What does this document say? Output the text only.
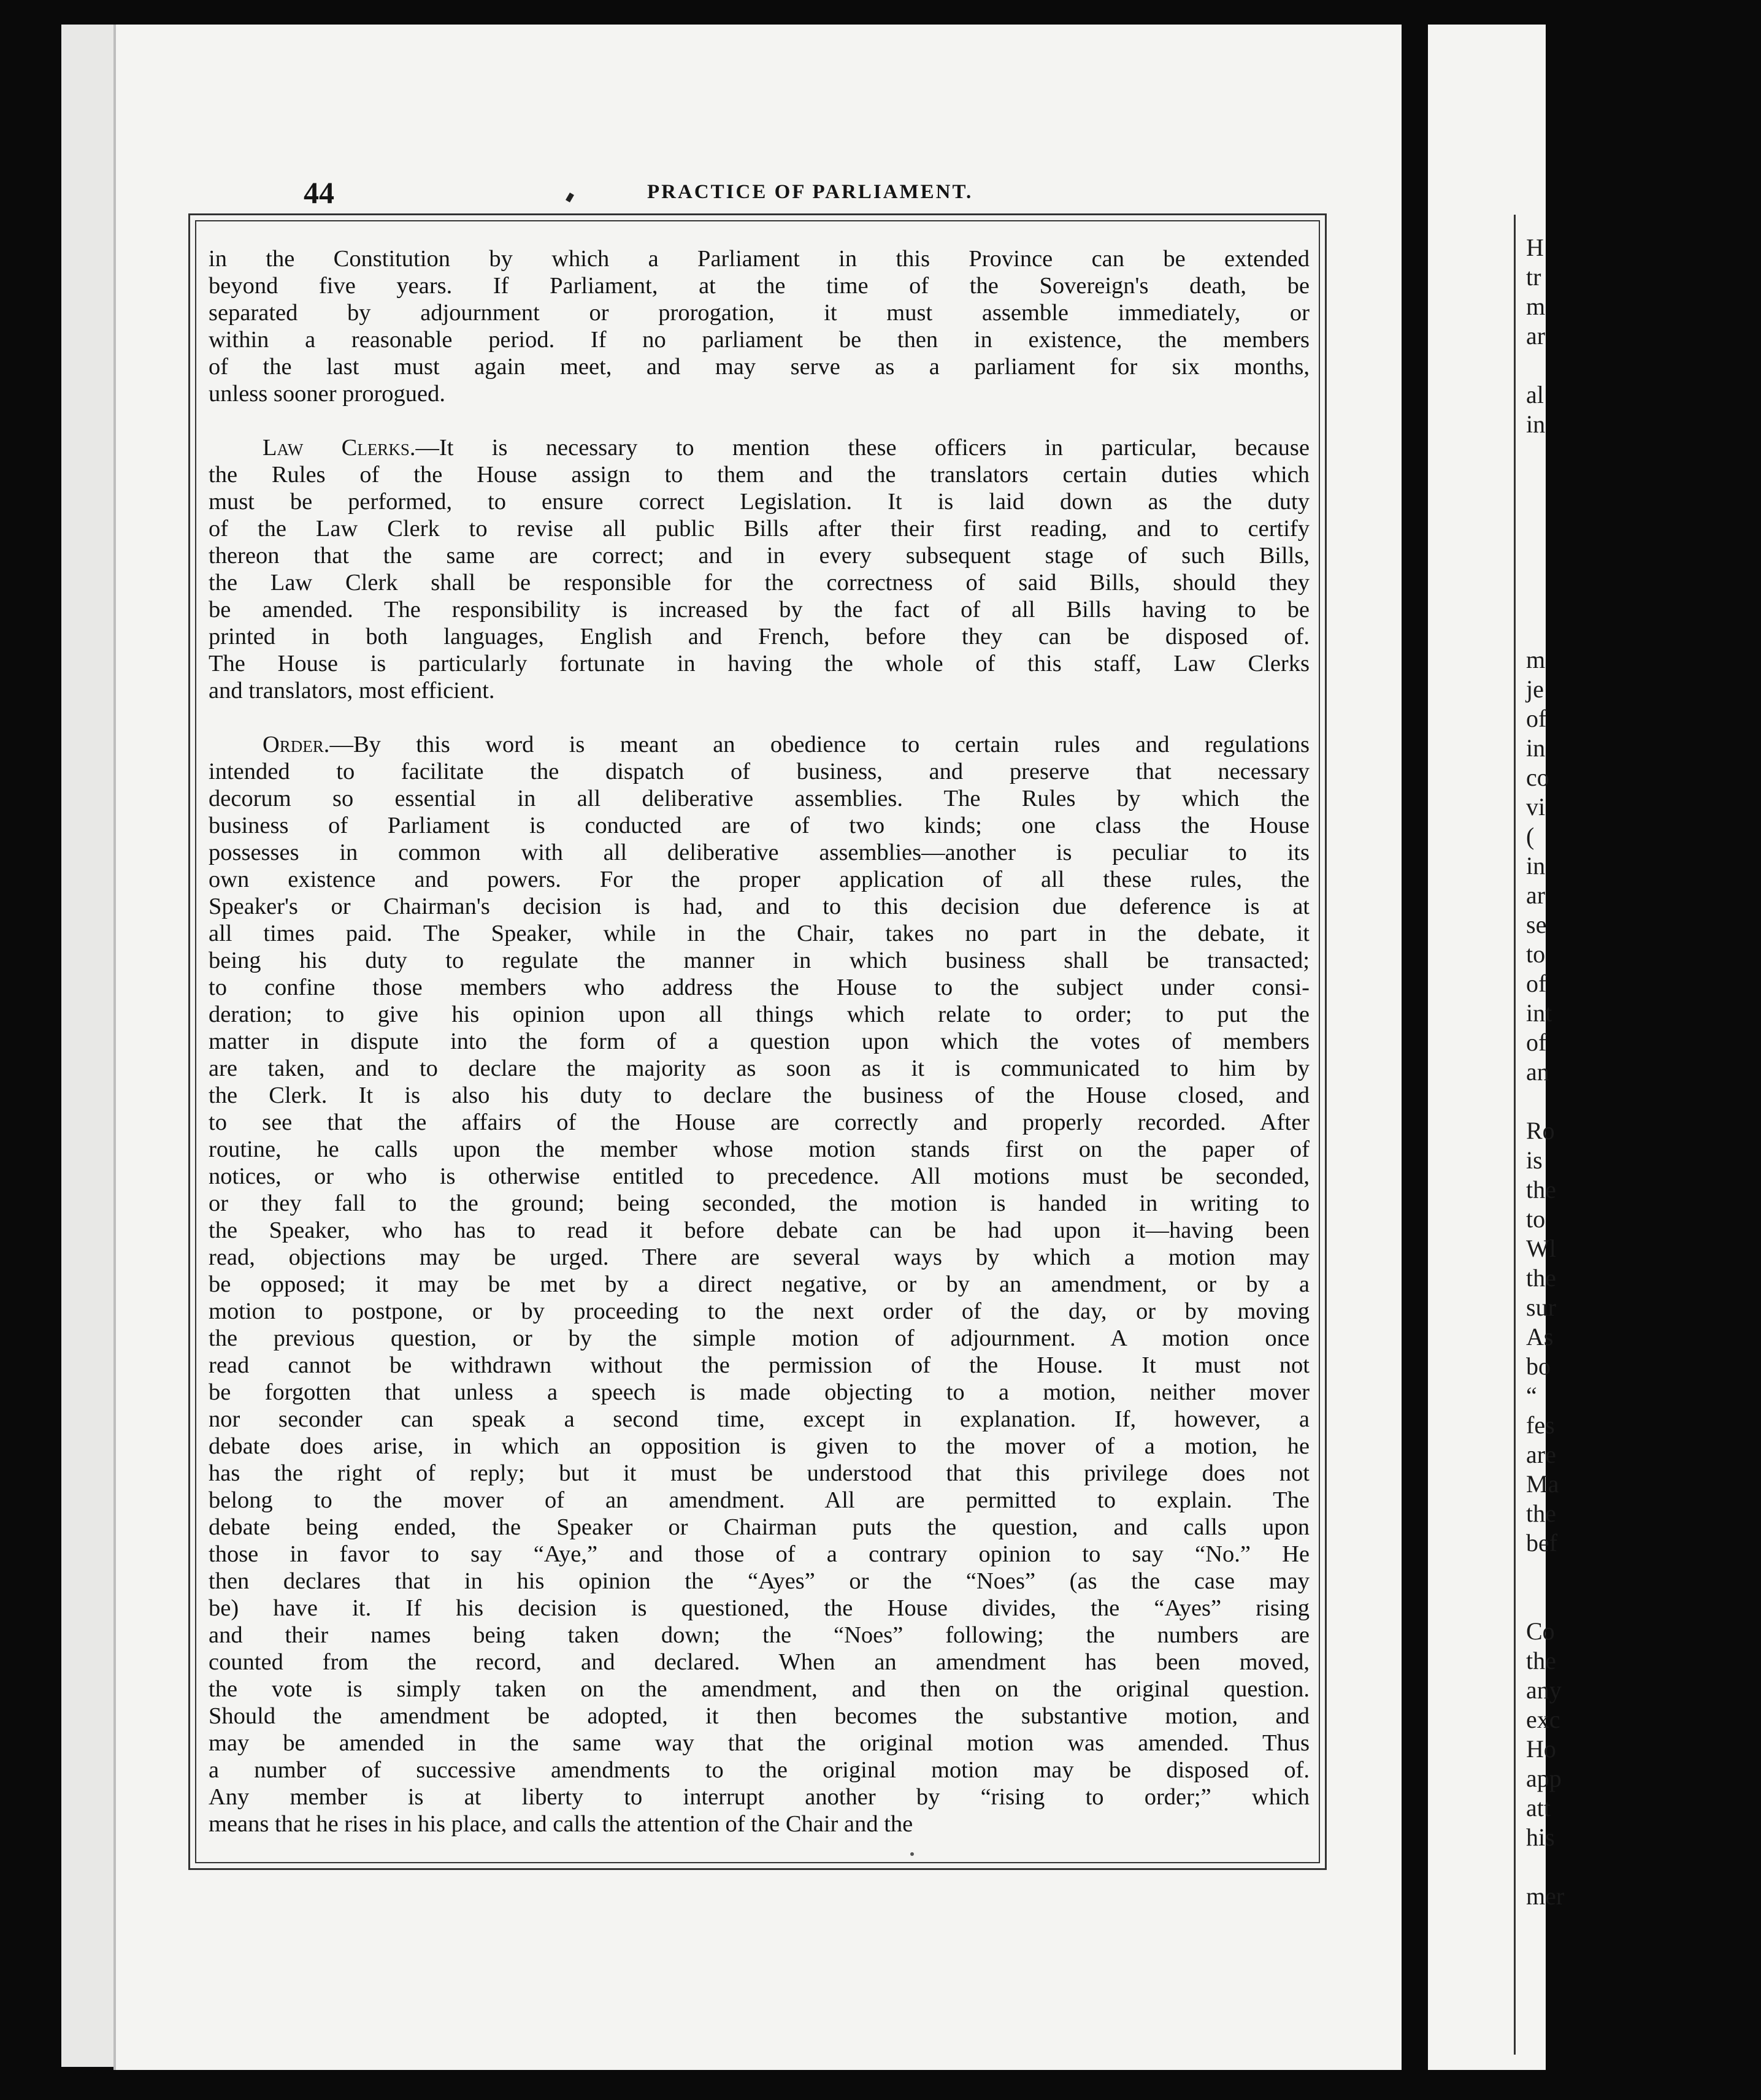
44	PRACTICE OF PARLIAMENT.
in the Constitution by which a Parliament in this Province can be extended
beyond five years. If Parliament, at the time of the Sovereign's death, be
separated by adjournment or prorogation, it must assemble immediately, or
within a reasonable period. If no parliament be then in existence, the members
of the last must again meet, and may serve as a parliament for six months,
unless sooner prorogued.
Law Clerks.—It is necessary to mention these officers in particular, because
the Rules of the House assign to them and the translators certain duties which
must be performed, to ensure correct Legislation. It is laid down as the duty
of the Law Clerk to revise all public Bills after their first reading, and to certify
thereon that the same are correct; and in every subsequent stage of such Bills,
the Law Clerk shall be responsible for the correctness of said Bills, should they
be amended. The responsibility is increased by the fact of all Bills having to be
printed in both languages, English and French, before they can be disposed of.
The House is particularly fortunate in having the whole of this staff, Law Clerks
and translators, most efficient.
Order.—By this word is meant an obedience to certain rules and regulations
intended to facilitate the dispatch of business, and preserve that necessary
decorum so essential in all deliberative assemblies. The Rules by which the
business of Parliament is conducted are of two kinds; one class the House
possesses in common with all deliberative assemblies—another is peculiar to its
own existence and powers. For the proper application of all these rules, the
Speaker's or Chairman's decision is had, and to this decision due deference is at
all times paid. The Speaker, while in the Chair, takes no part in the debate, it
being his duty to regulate the manner in which business shall be transacted;
to confine those members who address the House to the subject under consi-
deration; to give his opinion upon all things which relate to order; to put the
matter in dispute into the form of a question upon which the votes of members
are taken, and to declare the majority as soon as it is communicated to him by
the Clerk. It is also his duty to declare the business of the House closed, and
to see that the affairs of the House are correctly and properly recorded. After
routine, he calls upon the member whose motion stands first on the paper of
notices, or who is otherwise entitled to precedence. All motions must be seconded,
or they fall to the ground; being seconded, the motion is handed in writing to
the Speaker, who has to read it before debate can be had upon it—having been
read, objections may be urged. There are several ways by which a motion may
be opposed; it may be met by a direct negative, or by an amendment, or by a
motion to postpone, or by proceeding to the next order of the day, or by moving
the previous question, or by the simple motion of adjournment. A motion once
read cannot be withdrawn without the permission of the House. It must not
be forgotten that unless a speech is made objecting to a motion, neither mover
nor seconder can speak a second time, except in explanation. If, however, a
debate does arise, in which an opposition is given to the mover of a motion, he
has the right of reply; but it must be understood that this privilege does not
belong to the mover of an amendment. All are permitted to explain. The
debate being ended, the Speaker or Chairman puts the question, and calls upon
those in favor to say “Aye,” and those of a contrary opinion to say “No.” He
then declares that in his opinion the “Ayes” or the “Noes” (as the case may
be) have it. If his decision is questioned, the House divides, the “Ayes” rising
and their names being taken down; the “Noes” following; the numbers are
counted from the record, and declared. When an amendment has been moved,
the vote is simply taken on the amendment, and then on the original question.
Should the amendment be adopted, it then becomes the substantive motion, and
may be amended in the same way that the original motion was amended. Thus
a number of successive amendments to the original motion may be disposed of.
Any member is at liberty to interrupt another by “rising to order;” which
means that he rises in his place, and calls the attention of the Chair and the
H
tr
m
ar
al
in
m
je
of
in
co
vi
(
in
ar
se
to
of
int
of
an
Ro
is
the
to
Wl
the
sur
As
bo
“
fes
are
Ma
the
bef
Co
the
any
exc
Ho
app
att
his
mer
